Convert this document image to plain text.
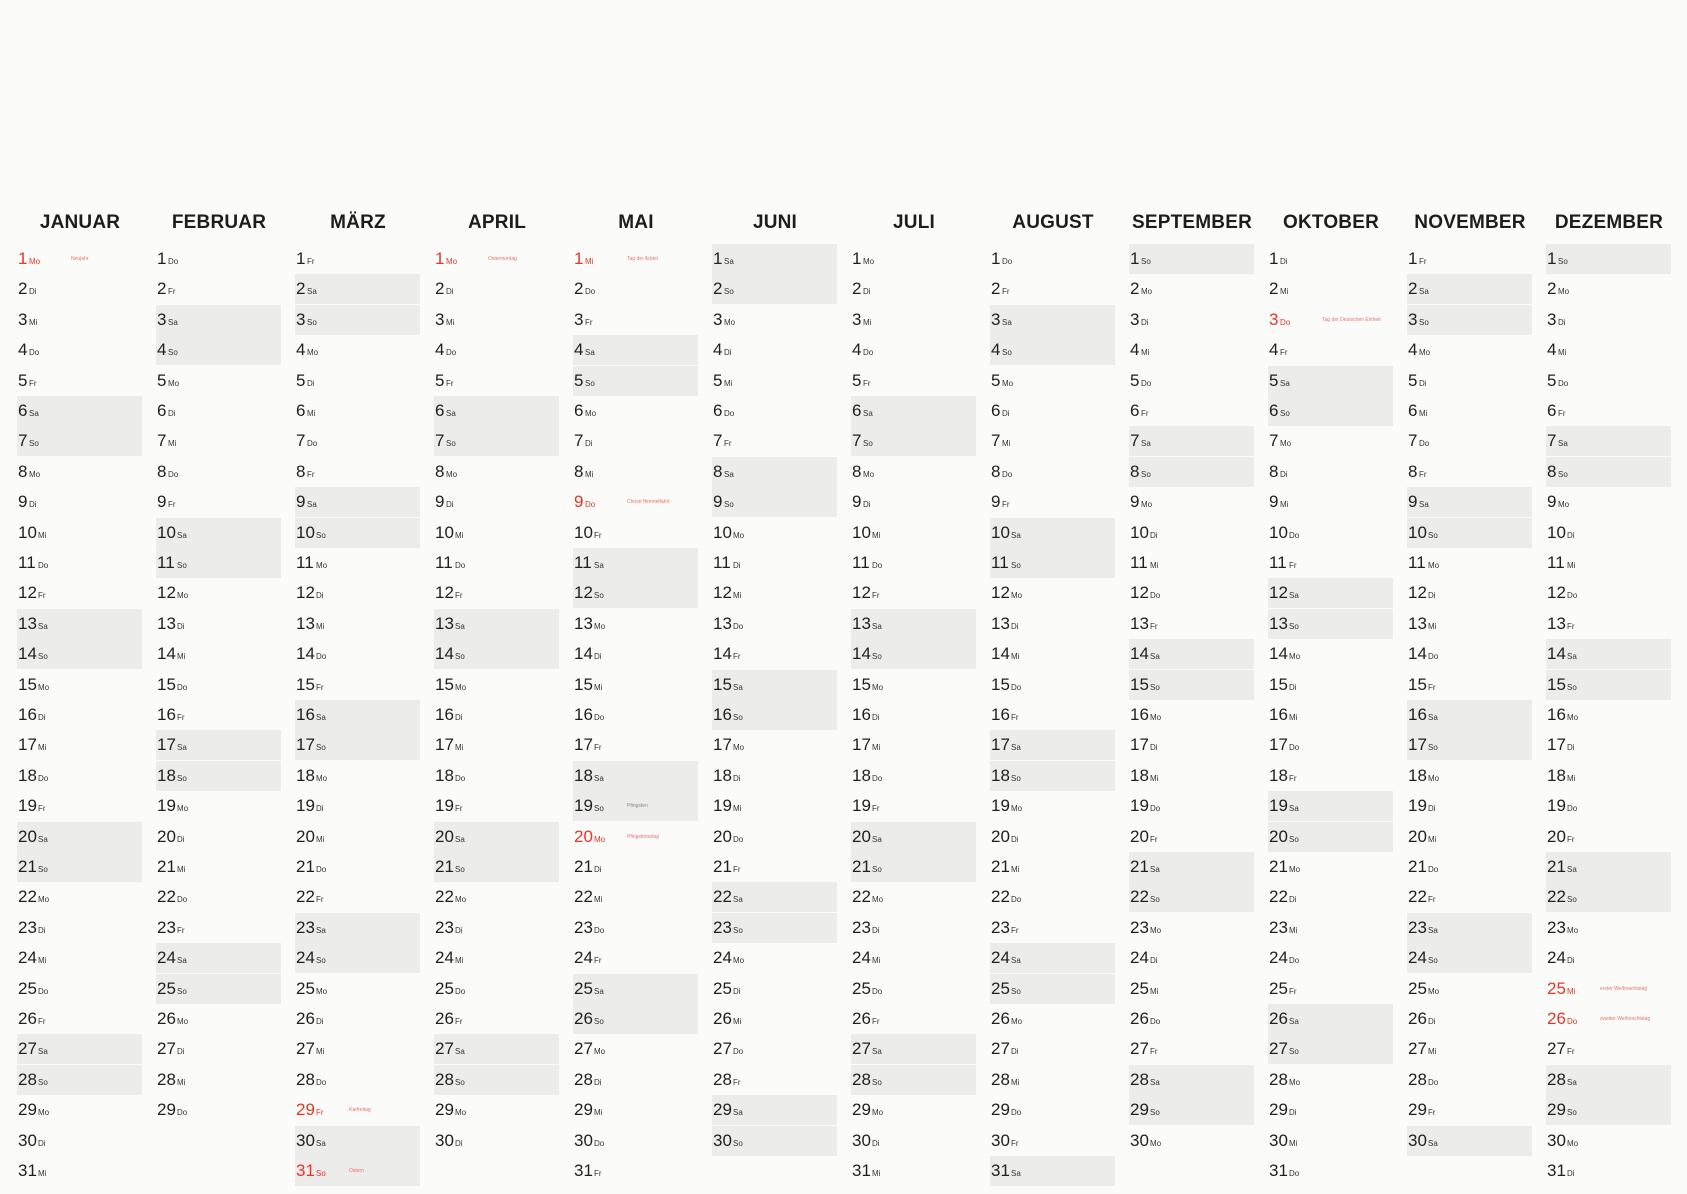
JANUAR
1 Mo	Neujahr
2 Di
3 Mi
4 Do
5 Fr
6 Sa
7 So
8 Mo
9 Di
10 Mi
11 Do
12 Fr
13 Sa
14 So
15 Mo
16 Di
17 Mi
18 Do
19 Fr
20 Sa
21 So
22 Mo
23 Di
24 Mi
25 Do
26 Fr
27 Sa
28 So
29 Mo
30 Di
31 Mi
FEBRUAR
1 Do
2 Fr
3 Sa
4 So
5 Mo
6 Di
7 Mi
8 Do
9 Fr
10 Sa
11 So
12 Mo
13 Di
14 Mi
15 Do
16 Fr
17 Sa
18 So
19 Mo
20 Di
21 Mi
22 Do
23 Fr
24 Sa
25 So
26 Mo
27 Di
28 Mi
29 Do
MÄRZ
1 Fr
2 Sa
3 So
4 Mo
5 Di
6 Mi
7 Do
8 Fr
9 Sa
10 So
11 Mo
12 Di
13 Mi
14 Do
15 Fr
16 Sa
17 So
18 Mo
19 Di
20 Mi
21 Do
22 Fr
23 Sa
24 So
25 Mo
26 Di
27 Mi
28 Do
29 Fr	Karfreitag
30 Sa
31 So	Ostern
APRIL
1 Mo	Ostermontag
2 Di
3 Mi
4 Do
5 Fr
6 Sa
7 So
8 Mo
9 Di
10 Mi
11 Do
12 Fr
13 Sa
14 So
15 Mo
16 Di
17 Mi
18 Do
19 Fr
20 Sa
21 So
22 Mo
23 Di
24 Mi
25 Do
26 Fr
27 Sa
28 So
29 Mo
30 Di
MAI
1 Mi	Tag der Arbeit
2 Do
3 Fr
4 Sa
5 So
6 Mo
7 Di
8 Mi
9 Do	Christi Himmelfahrt
10 Fr
11 Sa
12 So
13 Mo
14 Di
15 Mi
16 Do
17 Fr
18 Sa
19 So	Pfingsten
20 Mo	Pfingstmontag
21 Di
22 Mi
23 Do
24 Fr
25 Sa
26 So
27 Mo
28 Di
29 Mi
30 Do
31 Fr
JUNI
1 Sa
2 So
3 Mo
4 Di
5 Mi
6 Do
7 Fr
8 Sa
9 So
10 Mo
11 Di
12 Mi
13 Do
14 Fr
15 Sa
16 So
17 Mo
18 Di
19 Mi
20 Do
21 Fr
22 Sa
23 So
24 Mo
25 Di
26 Mi
27 Do
28 Fr
29 Sa
30 So
JULI
1 Mo
2 Di
3 Mi
4 Do
5 Fr
6 Sa
7 So
8 Mo
9 Di
10 Mi
11 Do
12 Fr
13 Sa
14 So
15 Mo
16 Di
17 Mi
18 Do
19 Fr
20 Sa
21 So
22 Mo
23 Di
24 Mi
25 Do
26 Fr
27 Sa
28 So
29 Mo
30 Di
31 Mi
AUGUST
1 Do
2 Fr
3 Sa
4 So
5 Mo
6 Di
7 Mi
8 Do
9 Fr
10 Sa
11 So
12 Mo
13 Di
14 Mi
15 Do
16 Fr
17 Sa
18 So
19 Mo
20 Di
21 Mi
22 Do
23 Fr
24 Sa
25 So
26 Mo
27 Di
28 Mi
29 Do
30 Fr
31 Sa
SEPTEMBER
1 So
2 Mo
3 Di
4 Mi
5 Do
6 Fr
7 Sa
8 So
9 Mo
10 Di
11 Mi
12 Do
13 Fr
14 Sa
15 So
16 Mo
17 Di
18 Mi
19 Do
20 Fr
21 Sa
22 So
23 Mo
24 Di
25 Mi
26 Do
27 Fr
28 Sa
29 So
30 Mo
OKTOBER
1 Di
2 Mi
3 Do	Tag der Deutschen Einheit
4 Fr
5 Sa
6 So
7 Mo
8 Di
9 Mi
10 Do
11 Fr
12 Sa
13 So
14 Mo
15 Di
16 Mi
17 Do
18 Fr
19 Sa
20 So
21 Mo
22 Di
23 Mi
24 Do
25 Fr
26 Sa
27 So
28 Mo
29 Di
30 Mi
31 Do
NOVEMBER
1 Fr
2 Sa
3 So
4 Mo
5 Di
6 Mi
7 Do
8 Fr
9 Sa
10 So
11 Mo
12 Di
13 Mi
14 Do
15 Fr
16 Sa
17 So
18 Mo
19 Di
20 Mi
21 Do
22 Fr
23 Sa
24 So
25 Mo
26 Di
27 Mi
28 Do
29 Fr
30 Sa
DEZEMBER
1 So
2 Mo
3 Di
4 Mi
5 Do
6 Fr
7 Sa
8 So
9 Mo
10 Di
11 Mi
12 Do
13 Fr
14 Sa
15 So
16 Mo
17 Di
18 Mi
19 Do
20 Fr
21 Sa
22 So
23 Mo
24 Di
25 Mi	erster Weihnachtstag
26 Do	zweiter Weihnachtstag
27 Fr
28 Sa
29 So
30 Mo
31 Di
